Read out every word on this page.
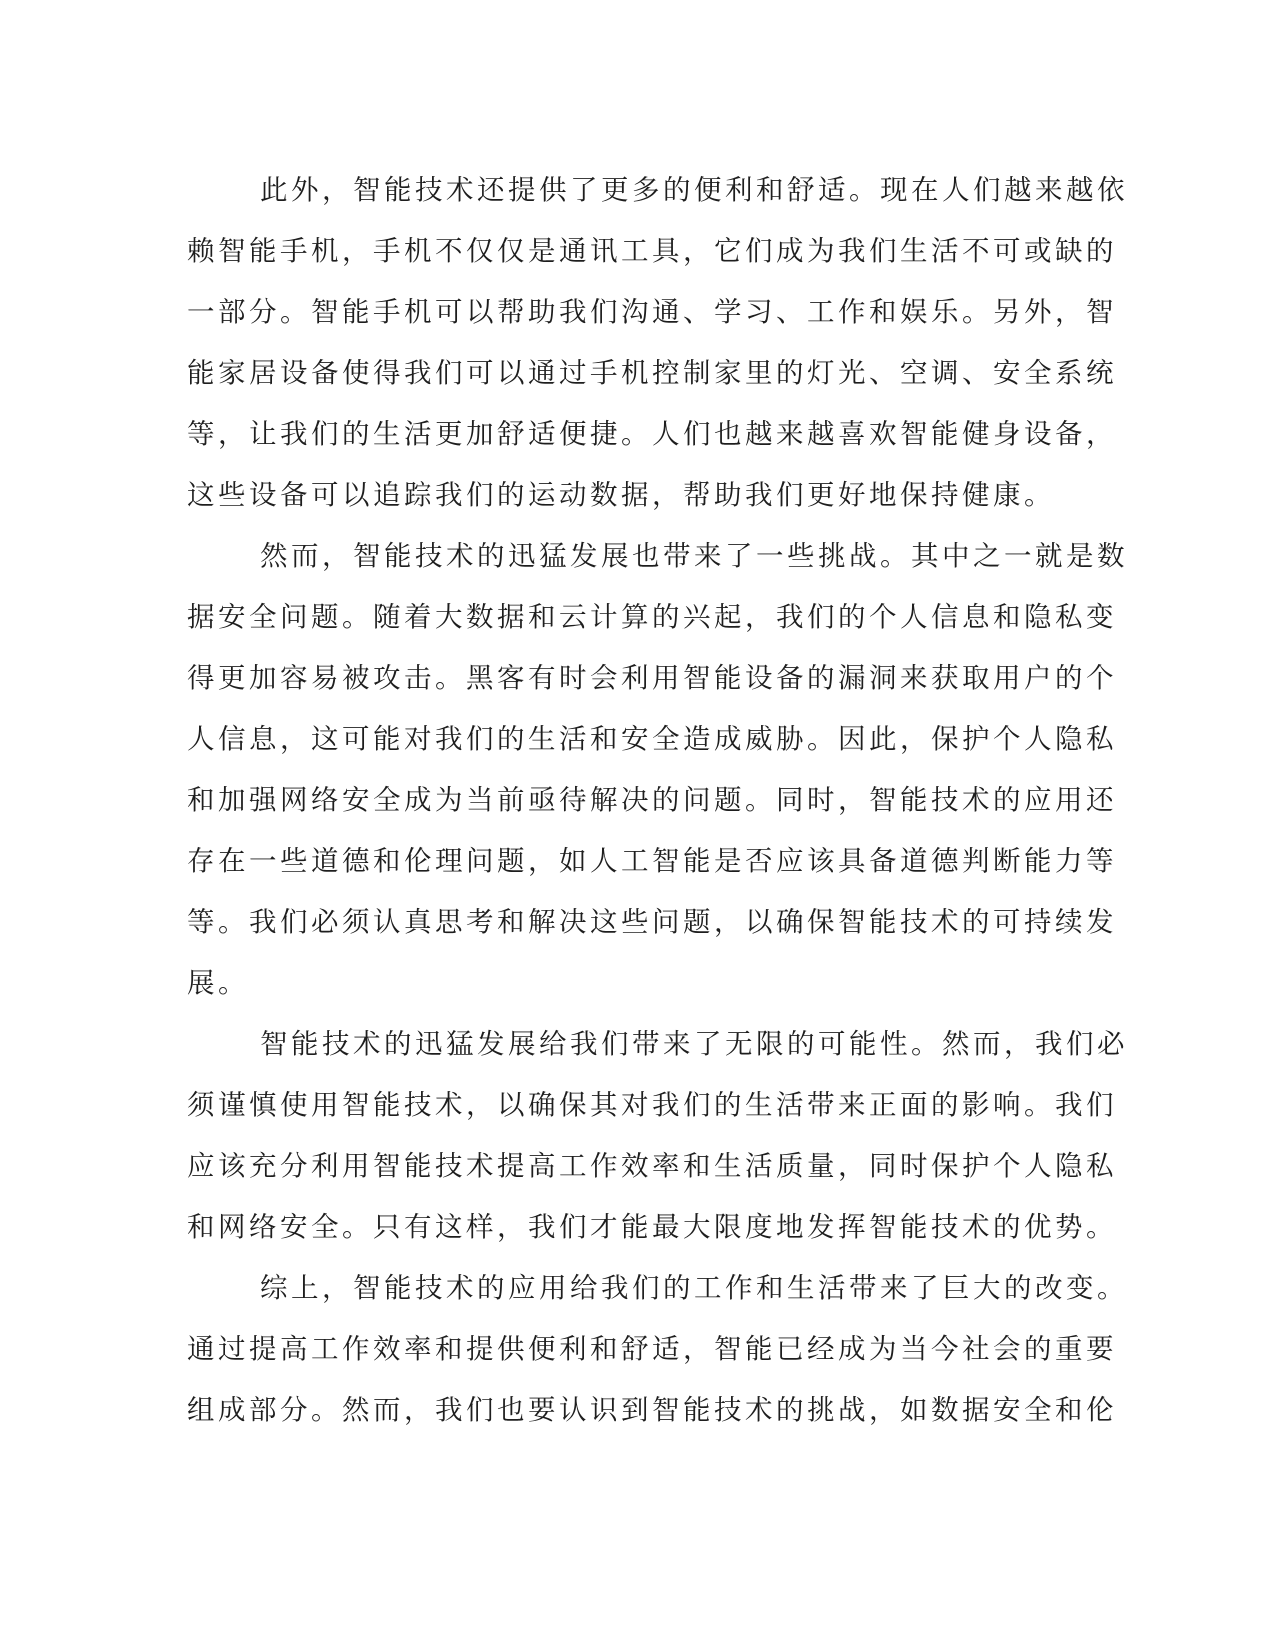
此外，智能技术还提供了更多的便利和舒适。现在人们越来越依
赖智能手机，手机不仅仅是通讯工具，它们成为我们生活不可或缺的
一部分。智能手机可以帮助我们沟通、学习、工作和娱乐。另外，智
能家居设备使得我们可以通过手机控制家里的灯光、空调、安全系统
等，让我们的生活更加舒适便捷。人们也越来越喜欢智能健身设备，
这些设备可以追踪我们的运动数据，帮助我们更好地保持健康。
然而，智能技术的迅猛发展也带来了一些挑战。其中之一就是数
据安全问题。随着大数据和云计算的兴起，我们的个人信息和隐私变
得更加容易被攻击。黑客有时会利用智能设备的漏洞来获取用户的个
人信息，这可能对我们的生活和安全造成威胁。因此，保护个人隐私
和加强网络安全成为当前亟待解决的问题。同时，智能技术的应用还
存在一些道德和伦理问题，如人工智能是否应该具备道德判断能力等
等。我们必须认真思考和解决这些问题，以确保智能技术的可持续发
展。
智能技术的迅猛发展给我们带来了无限的可能性。然而，我们必
须谨慎使用智能技术，以确保其对我们的生活带来正面的影响。我们
应该充分利用智能技术提高工作效率和生活质量，同时保护个人隐私
和网络安全。只有这样，我们才能最大限度地发挥智能技术的优势。
综上，智能技术的应用给我们的工作和生活带来了巨大的改变。
通过提高工作效率和提供便利和舒适，智能已经成为当今社会的重要
组成部分。然而，我们也要认识到智能技术的挑战，如数据安全和伦
